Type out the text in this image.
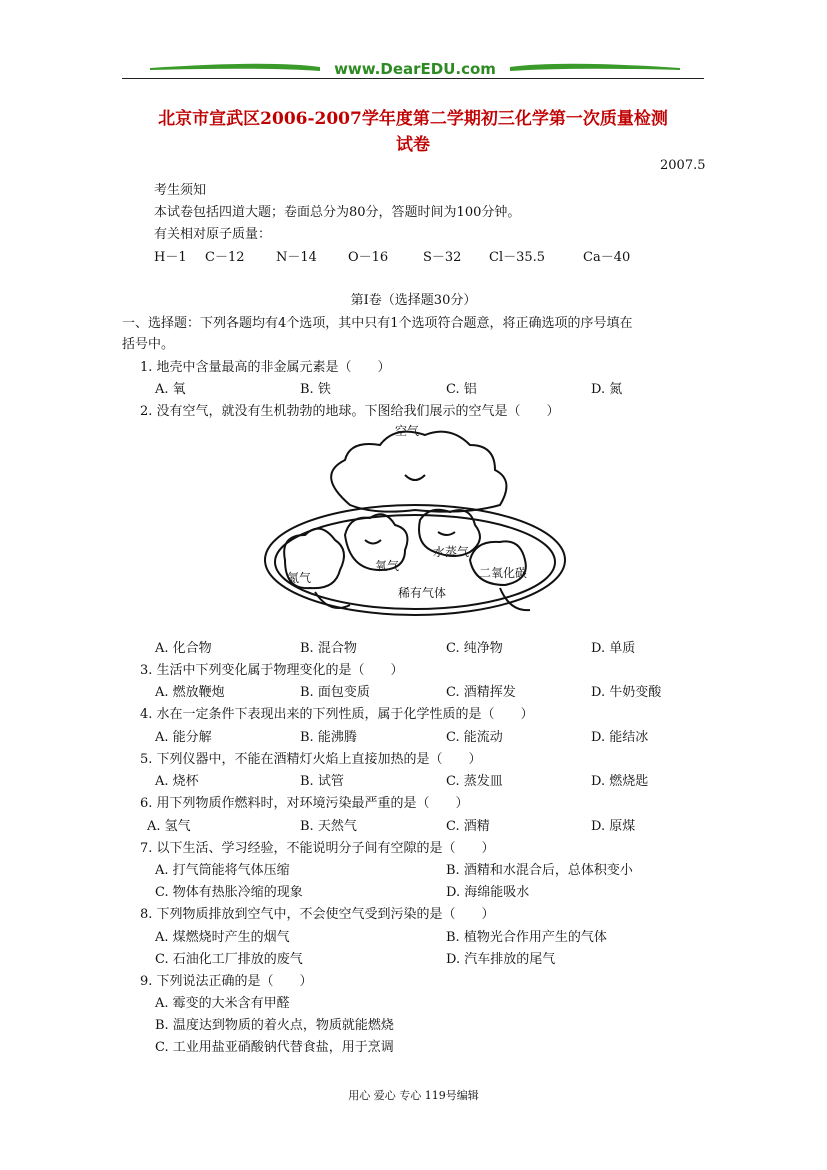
www.DearEDU.com
北京市宣武区2006-2007学年度第二学期初三化学第一次质量检测
试卷
2007.5
考生须知
本试卷包括四道大题；卷面总分为80分，答题时间为100分钟。
有关相对原子质量：
H－1 C－12 N－14 O－16	S－32 Cl－35.5	Ca－40
第Ⅰ卷（选择题30分）
一、选择题：下列各题均有4个选项，其中只有1个选项符合题意，将正确选项的序号填在
括号中。
1. 地壳中含量最高的非金属元素是（　　）
A. 氧	B. 铁	C. 铝	D. 氮
2. 没有空气，就没有生机勃勃的地球。下图给我们展示的空气是（　　）
空气
氮气
氧气
水蒸气
二氧化碳
稀有气体
A. 化合物	B. 混合物	C. 纯净物	D. 单质
3. 生活中下列变化属于物理变化的是（　　）
A. 燃放鞭炮	B. 面包变质	C. 酒精挥发	D. 牛奶变酸
4. 水在一定条件下表现出来的下列性质，属于化学性质的是（　　）
A. 能分解	B. 能沸腾	C. 能流动	D. 能结冰
5. 下列仪器中，不能在酒精灯火焰上直接加热的是（　　）
A. 烧杯	B. 试管	C. 蒸发皿	D. 燃烧匙
6. 用下列物质作燃料时，对环境污染最严重的是（　　）
A. 氢气	B. 天然气	C. 酒精	D. 原煤
7. 以下生活、学习经验，不能说明分子间有空隙的是（　　）
A. 打气筒能将气体压缩	B. 酒精和水混合后，总体积变小
C. 物体有热胀冷缩的现象	D. 海绵能吸水
8. 下列物质排放到空气中，不会使空气受到污染的是（　　）
A. 煤燃烧时产生的烟气	B. 植物光合作用产生的气体
C. 石油化工厂排放的废气	D. 汽车排放的尾气
9. 下列说法正确的是（　　）
A. 霉变的大米含有甲醛
B. 温度达到物质的着火点，物质就能燃烧
C. 工业用盐亚硝酸钠代替食盐，用于烹调
用心 爱心 专心 119号编辑
